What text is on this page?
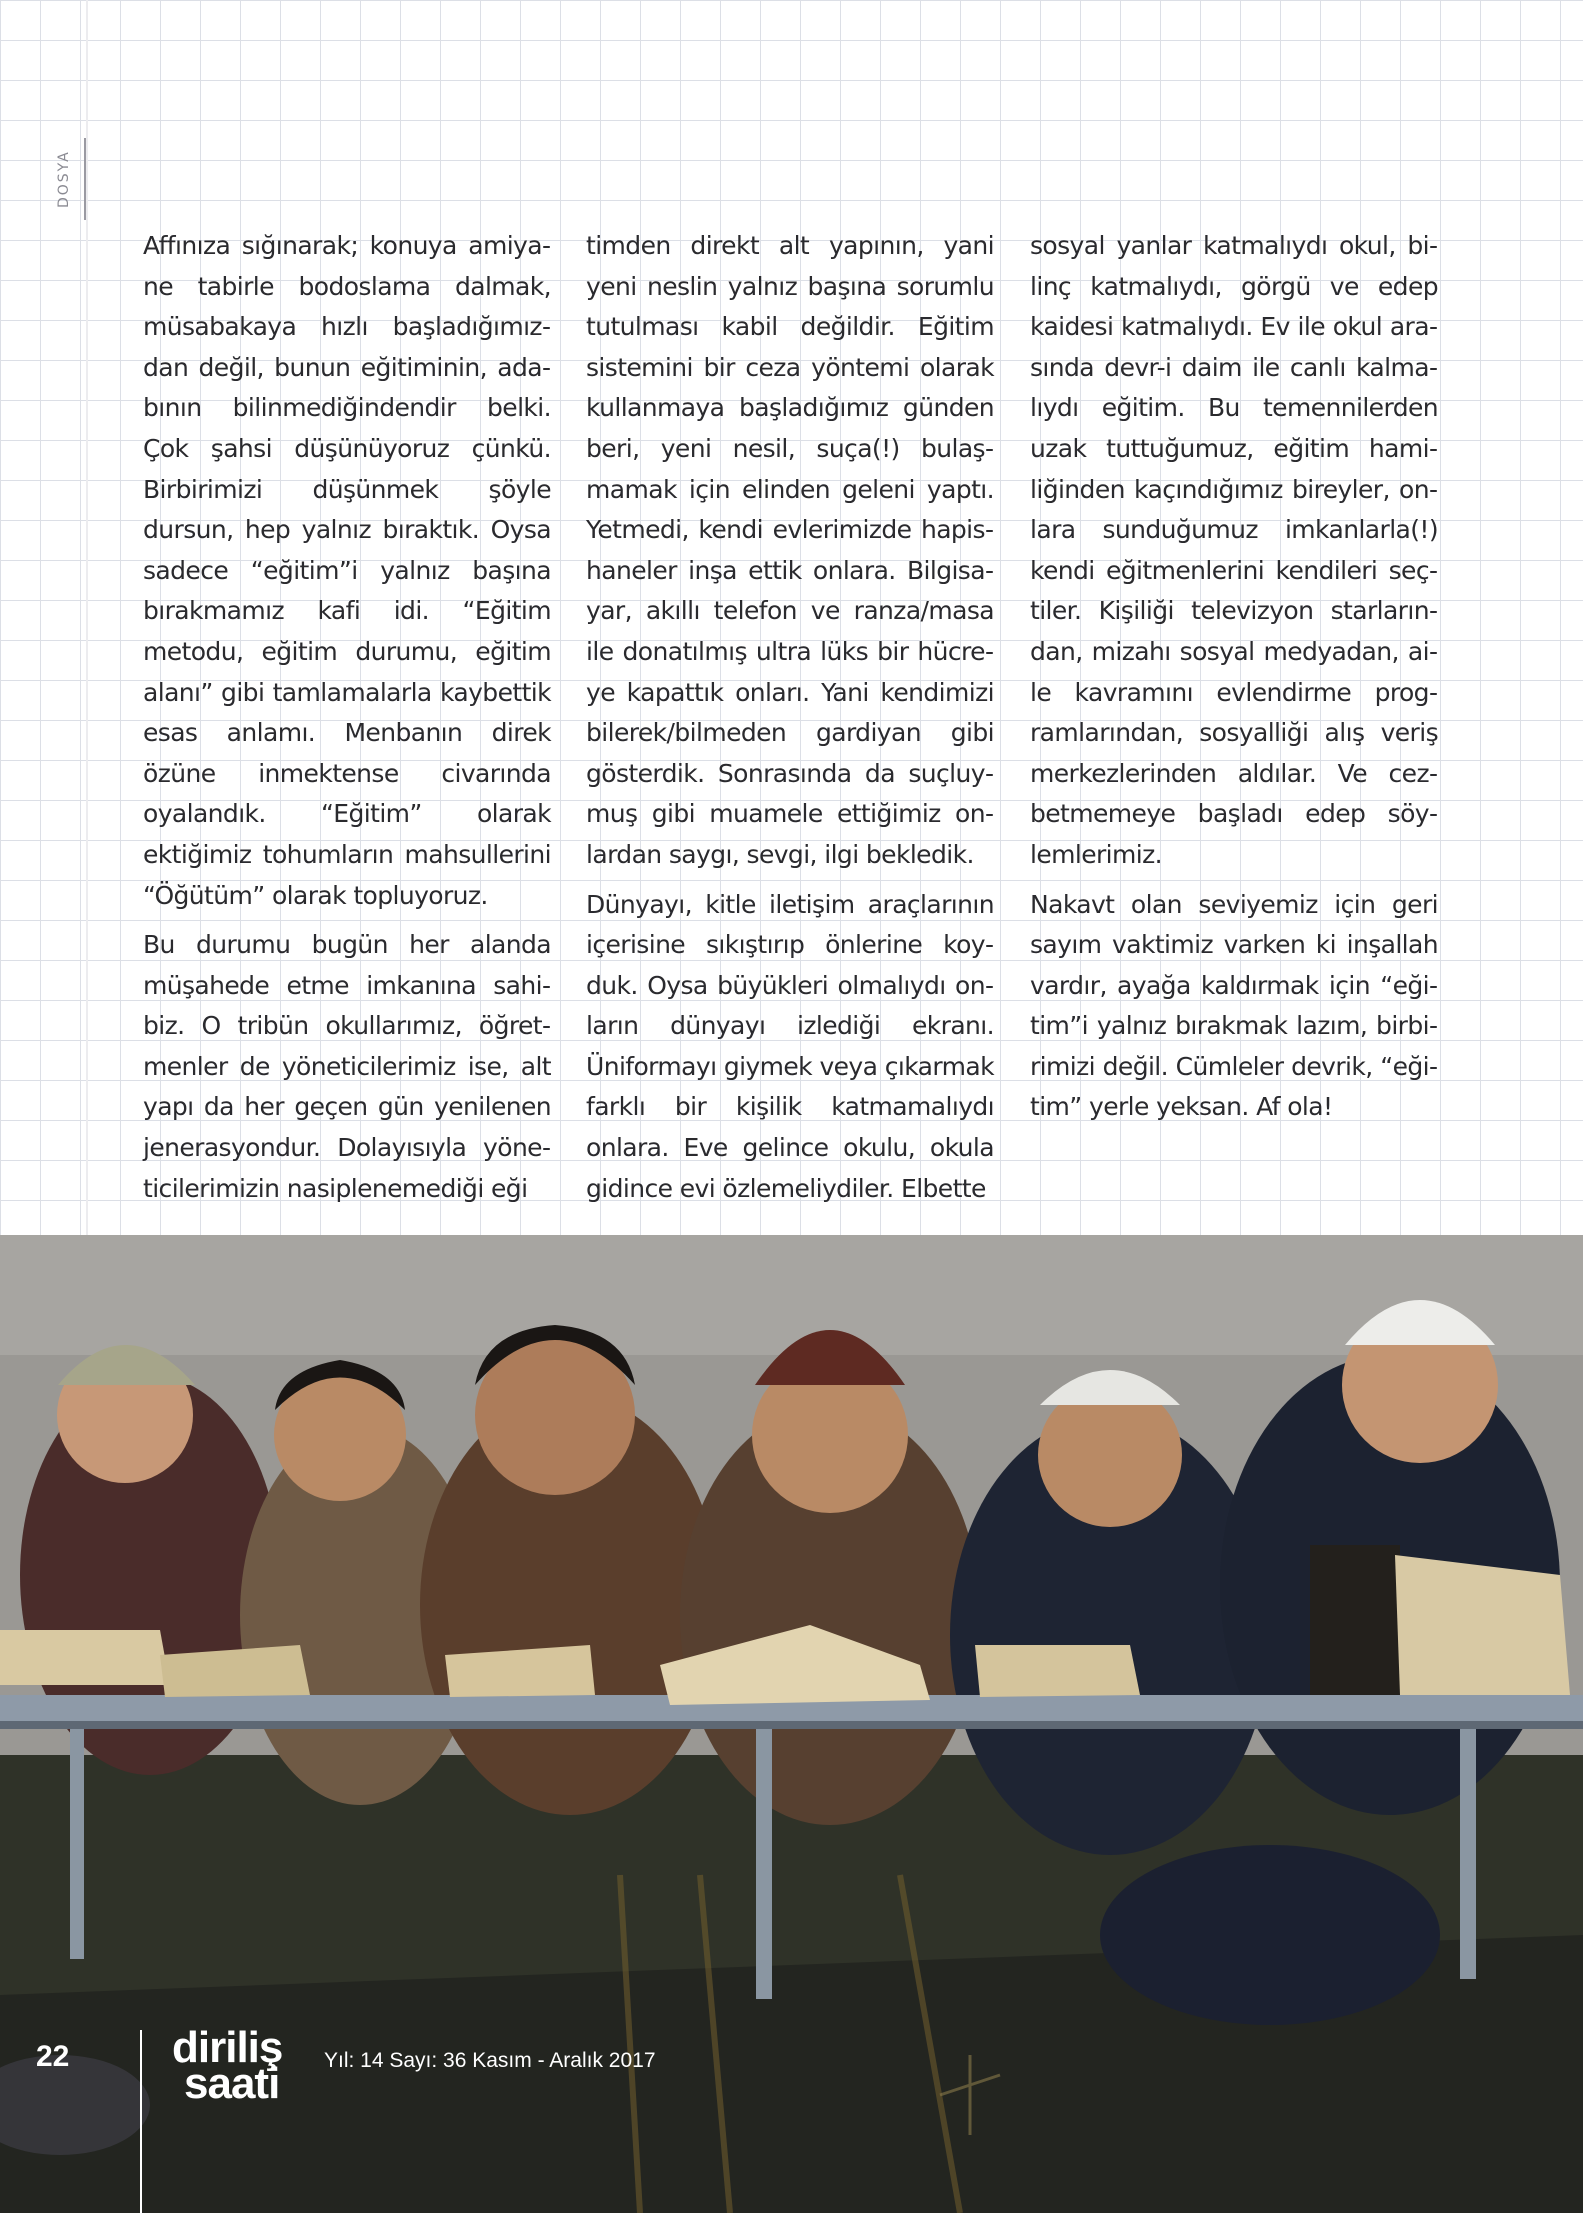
DOSYA

Affınıza sığınarak; konuya amiyane tabirle bodoslama dalmak, müsabakaya hızlı başladığımızdan değil, bunun eğitiminin, adabının bilinmediğindendir belki. Çok şahsi düşünüyoruz çünkü. Birbirimizi düşünmek şöyle dursun, hep yalnız bıraktık. Oysa sadece “eğitim”i yalnız başına bırakmamız kafi idi. “Eğitim metodu, eğitim durumu, eğitim alanı” gibi tamlamalarla kaybettik esas anlamı. Menbanın direk özüne inmektense civarında oyalandık. “Eğitim” olarak ektiğimiz tohumların mahsullerini “Öğütüm” olarak topluyoruz.

Bu durumu bugün her alanda müşahede etme imkanına sahibiz. O tribün okullarımız, öğretmenler de yöneticilerimiz ise, alt yapı da her geçen gün yenilenen jenerasyondur. Dolayısıyla yöneticilerimizin nasiplenemediği eği

timden direkt alt yapının, yani yeni neslin yalnız başına sorumlu tutulması kabil değildir. Eğitim sistemini bir ceza yöntemi olarak kullanmaya başladığımız günden beri, yeni nesil, suça(!) bulaşmamak için elinden geleni yaptı. Yetmedi, kendi evlerimizde hapishaneler inşa ettik onlara. Bilgisayar, akıllı telefon ve ranza/masa ile donatılmış ultra lüks bir hücreye kapattık onları. Yani kendimizi bilerek/bilmeden gardiyan gibi gösterdik. Sonrasında da suçluymuş gibi muamele ettiğimiz onlardan saygı, sevgi, ilgi bekledik.

Dünyayı, kitle iletişim araçlarının içerisine sıkıştırıp önlerine koyduk. Oysa büyükleri olmalıydı onların dünyayı izlediği ekranı. Üniformayı giymek veya çıkarmak farklı bir kişilik katmamalıydı onlara. Eve gelince okulu, okula gidince evi özlemeliydiler. Elbette

sosyal yanlar katmalıydı okul, bilinç katmalıydı, görgü ve edep kaidesi katmalıydı. Ev ile okul arasında devr-i daim ile canlı kalmalıydı eğitim. Bu temennilerden uzak tuttuğumuz, eğitim hamiliğinden kaçındığımız bireyler, onlara sunduğumuz imkanlarla(!) kendi eğitmenlerini kendileri seçtiler. Kişiliği televizyon starlarından, mizahı sosyal medyadan, aile kavramını evlendirme programlarından, sosyalliği alış veriş merkezlerinden aldılar. Ve cezbetmemeye başladı edep söylemlerimiz.

Nakavt olan seviyemiz için geri sayım vaktimiz varken ki inşallah vardır, ayağa kaldırmak için “eğitim”i yalnız bırakmak lazım, birbirimizi değil. Cümleler devrik, “eğitim” yerle yeksan. Af ola!

22 diriliş
saati Yıl: 14 Sayı: 36 Kasım - Aralık 2017
